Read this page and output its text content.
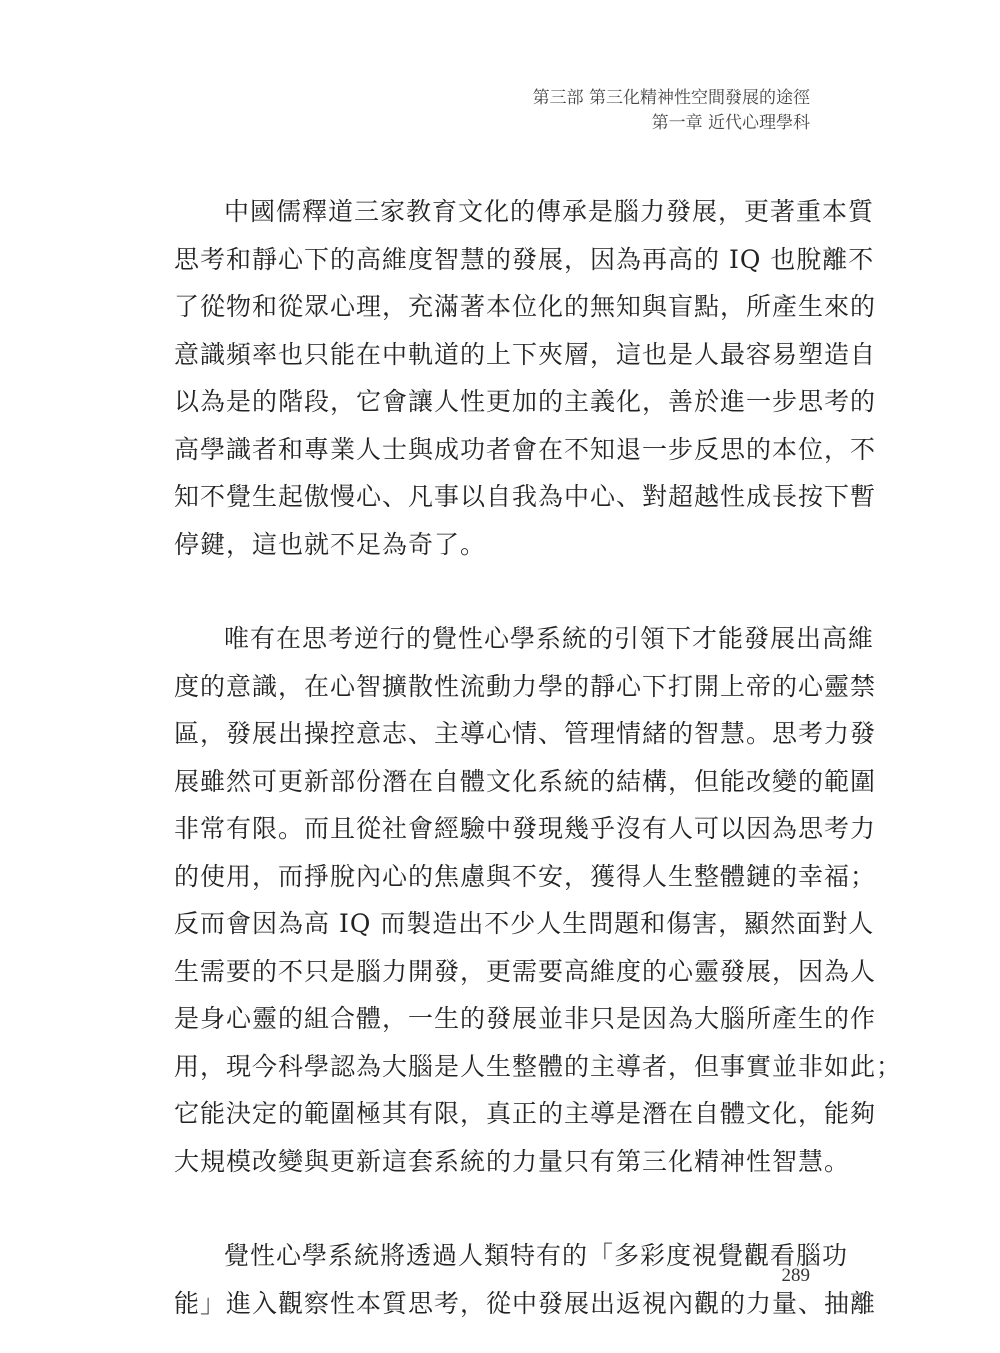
第三部 第三化精神性空間發展的途徑
第一章 近代心理學科

中國儒釋道三家教育文化的傳承是腦力發展，更著重本質
思考和靜心下的高維度智慧的發展，因為再高的 IQ 也脫離不
了從物和從眾心理，充滿著本位化的無知與盲點，所產生來的
意識頻率也只能在中軌道的上下夾層，這也是人最容易塑造自
以為是的階段，它會讓人性更加的主義化，善於進一步思考的
高學識者和專業人士與成功者會在不知退一步反思的本位，不
知不覺生起傲慢心、凡事以自我為中心、對超越性成長按下暫
停鍵，這也就不足為奇了。

唯有在思考逆行的覺性心學系統的引領下才能發展出高維
度的意識，在心智擴散性流動力學的靜心下打開上帝的心靈禁
區，發展出操控意志、主導心情、管理情緒的智慧。思考力發
展雖然可更新部份潛在自體文化系統的結構，但能改變的範圍
非常有限。而且從社會經驗中發現幾乎沒有人可以因為思考力
的使用，而掙脫內心的焦慮與不安，獲得人生整體鏈的幸福；
反而會因為高 IQ 而製造出不少人生問題和傷害，顯然面對人
生需要的不只是腦力開發，更需要高維度的心靈發展，因為人
是身心靈的組合體，一生的發展並非只是因為大腦所產生的作
用，現今科學認為大腦是人生整體的主導者，但事實並非如此；
它能決定的範圍極其有限，真正的主導是潛在自體文化，能夠
大規模改變與更新這套系統的力量只有第三化精神性智慧。

覺性心學系統將透過人類特有的「多彩度視覺觀看腦功
能」進入觀察性本質思考，從中發展出返視內觀的力量、抽離

289
